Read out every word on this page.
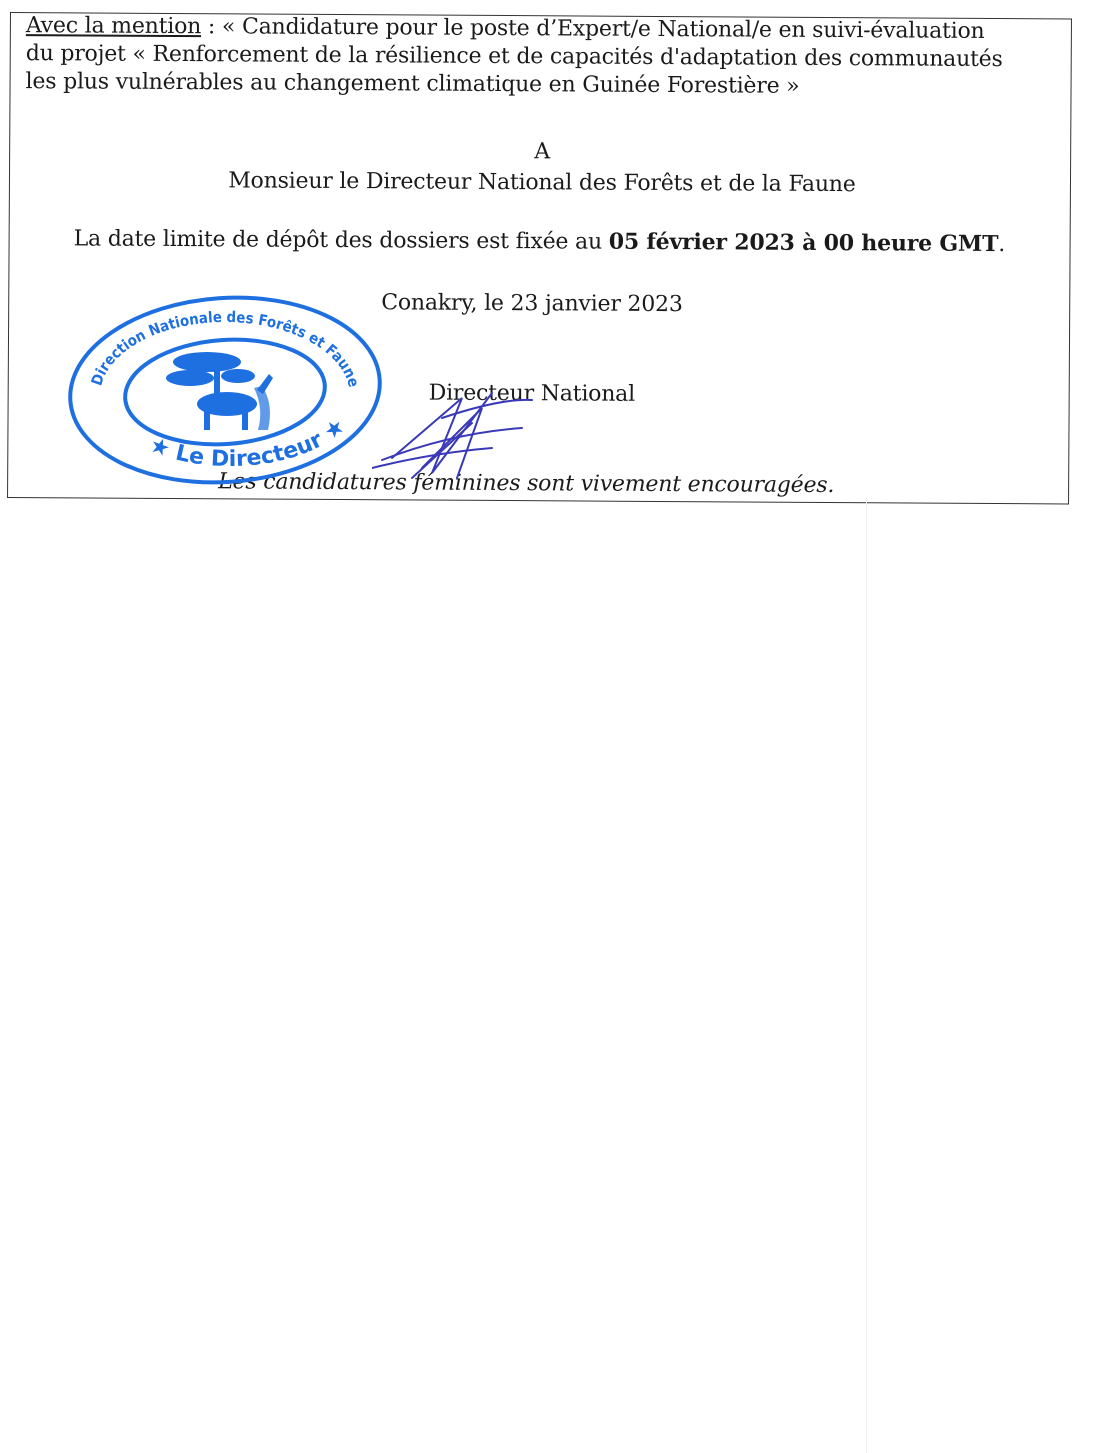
Avec la mention : « Candidature pour le poste d’Expert/e National/e en suivi-évaluation
du projet « Renforcement de la résilience et de capacités d'adaptation des communautés
les plus vulnérables au changement climatique en Guinée Forestière »
A
Monsieur le Directeur National des Forêts et de la Faune
La date limite de dépôt des dossiers est fixée au 05 février 2023 à 00 heure GMT.
Conakry, le 23 janvier 2023
Directeur National
Les candidatures féminines sont vivement encouragées.
Direction Nationale des Forêts et Faune
★ Le Directeur ★
